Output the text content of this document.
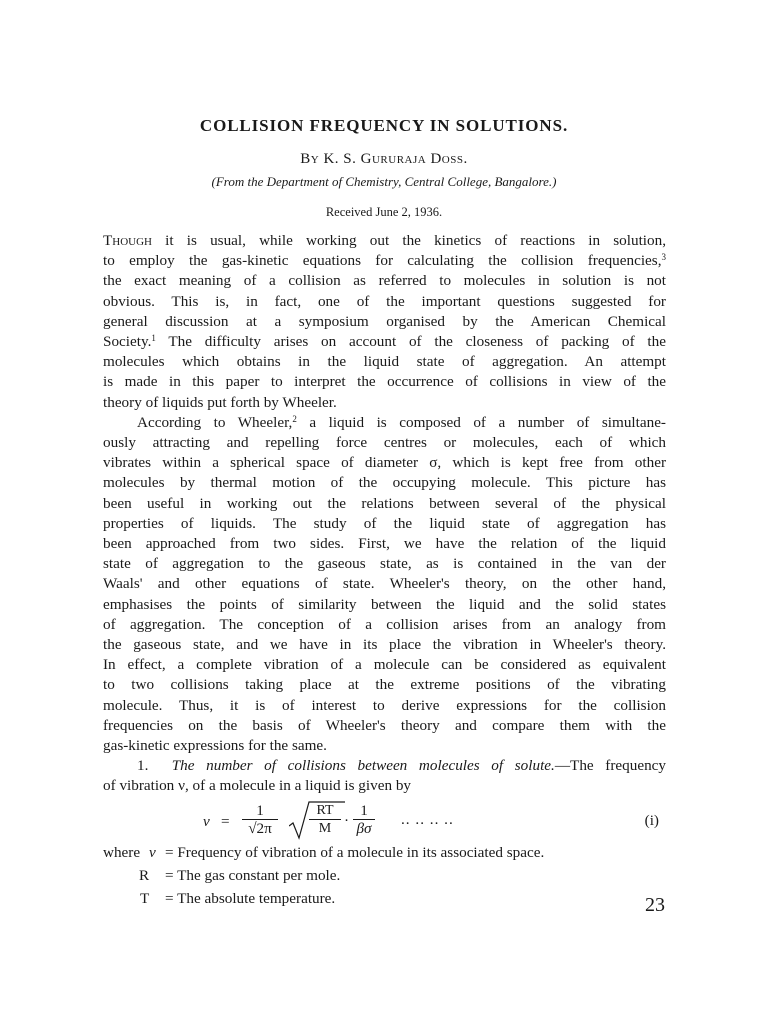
COLLISION FREQUENCY IN SOLUTIONS.
By K. S. Gururaja Doss.
(From the Department of Chemistry, Central College, Bangalore.)
Received June 2, 1936.

Though it is usual, while working out the kinetics of reactions in solution,
to employ the gas-kinetic equations for calculating the collision frequencies,$^3$
the exact meaning of a collision as referred to molecules in solution is not
obvious. This is, in fact, one of the important questions suggested for
general discussion at a symposium organised by the American Chemical
Society.$^1$ The difficulty arises on account of the closeness of packing of the
molecules which obtains in the liquid state of aggregation. An attempt
is made in this paper to interpret the occurrence of collisions in view of the
theory of liquids put forth by Wheeler.

According to Wheeler,$^2$ a liquid is composed of a number of simultane-
ously attracting and repelling force centres or molecules, each of which
vibrates within a spherical space of diameter σ, which is kept free from other
molecules by thermal motion of the occupying molecule. This picture has
been useful in working out the relations between several of the physical
properties of liquids. The study of the liquid state of aggregation has
been approached from two sides. First, we have the relation of the liquid
state of aggregation to the gaseous state, as is contained in the van der
Waals' and other equations of state. Wheeler's theory, on the other hand,
emphasises the points of similarity between the liquid and the solid states
of aggregation. The conception of a collision arises from an analogy from
the gaseous state, and we have in its place the vibration in Wheeler's theory.
In effect, a complete vibration of a molecule can be considered as equivalent
to two collisions taking place at the extreme positions of the vibrating
molecule. Thus, it is of interest to derive expressions for the collision
frequencies on the basis of Wheeler's theory and compare them with the
gas-kinetic expressions for the same.

1. The number of collisions between molecules of solute.—The frequency
of vibration ν, of a molecule in a liquid is given by

$\nu = \frac{1}{√2\pi} \frac{RT}{M} \cdot \frac{1}{\beta\sigma}$ .. .. .. ..	(i)
where ν = Frequency of vibration of a molecule in its associated space.
R = The gas constant per mole.
T = The absolute temperature.	23
